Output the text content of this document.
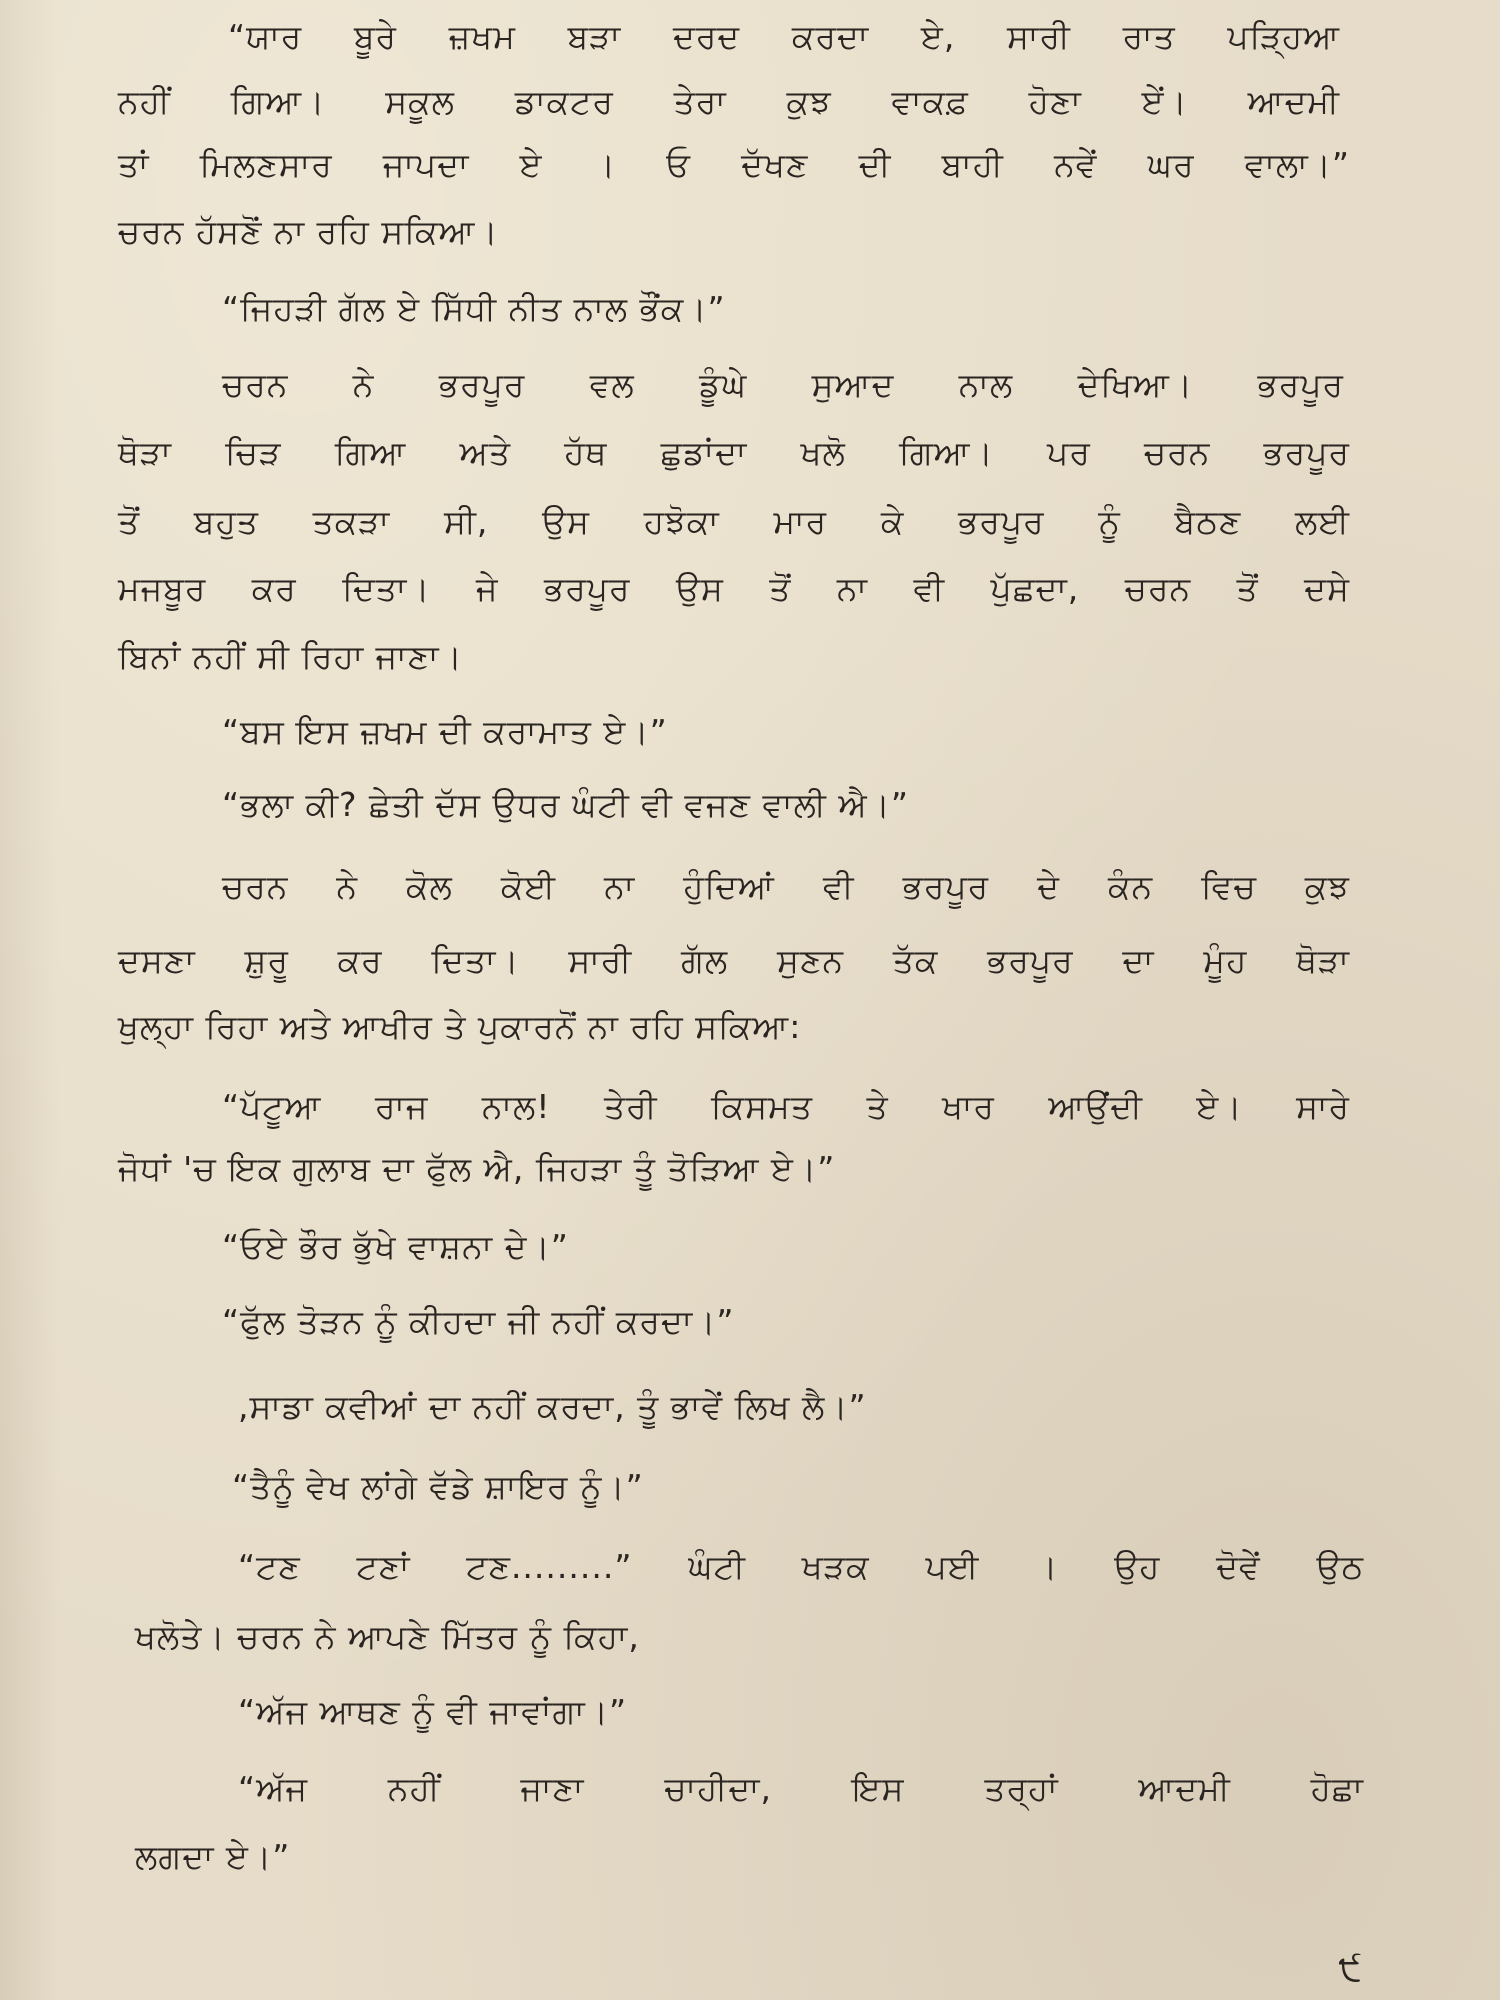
“ਯਾਰ ਬੂਰੇ ਜ਼ਖਮ ਬੜਾ ਦਰਦ ਕਰਦਾ ਏ, ਸਾਰੀ ਰਾਤ ਪੜ੍ਹਿਆ
ਨਹੀਂ ਗਿਆ। ਸਕੂਲ ਡਾਕਟਰ ਤੇਰਾ ਕੁਝ ਵਾਕਫ਼ ਹੋਣਾ ਏਂ। ਆਦਮੀ
ਤਾਂ ਮਿਲਣਸਾਰ ਜਾਪਦਾ ਏ । ਓ ਦੱਖਣ ਦੀ ਬਾਹੀ ਨਵੇਂ ਘਰ ਵਾਲਾ।”
ਚਰਨ ਹੱਸਣੋਂ ਨਾ ਰਹਿ ਸਕਿਆ।
“ਜਿਹੜੀ ਗੱਲ ਏ ਸਿੱਧੀ ਨੀਤ ਨਾਲ ਭੌਂਕ।”
ਚਰਨ ਨੇ ਭਰਪੂਰ ਵਲ ਡੂੰਘੇ ਸੁਆਦ ਨਾਲ ਦੇਖਿਆ। ਭਰਪੂਰ
ਥੋੜਾ ਚਿੜ ਗਿਆ ਅਤੇ ਹੱਥ ਛੁਡਾਂਦਾ ਖਲੋ ਗਿਆ। ਪਰ ਚਰਨ ਭਰਪੂਰ
ਤੋਂ ਬਹੁਤ ਤਕੜਾ ਸੀ, ਉਸ ਹਝੋਕਾ ਮਾਰ ਕੇ ਭਰਪੂਰ ਨੂੰ ਬੈਠਣ ਲਈ
ਮਜਬੂਰ ਕਰ ਦਿਤਾ। ਜੇ ਭਰਪੂਰ ਉਸ ਤੋਂ ਨਾ ਵੀ ਪੁੱਛਦਾ, ਚਰਨ ਤੋਂ ਦਸੇ
ਬਿਨਾਂ ਨਹੀਂ ਸੀ ਰਿਹਾ ਜਾਣਾ।
“ਬਸ ਇਸ ਜ਼ਖਮ ਦੀ ਕਰਾਮਾਤ ਏ।”
“ਭਲਾ ਕੀ? ਛੇਤੀ ਦੱਸ ਉਧਰ ਘੰਟੀ ਵੀ ਵਜਣ ਵਾਲੀ ਐ।”
ਚਰਨ ਨੇ ਕੋਲ ਕੋਈ ਨਾ ਹੁੰਦਿਆਂ ਵੀ ਭਰਪੂਰ ਦੇ ਕੰਨ ਵਿਚ ਕੁਝ
ਦਸਣਾ ਸ਼ੁਰੂ ਕਰ ਦਿਤਾ। ਸਾਰੀ ਗੱਲ ਸੁਣਨ ਤੱਕ ਭਰਪੂਰ ਦਾ ਮੂੰਹ ਥੋੜਾ
ਖੁਲ੍ਹਾ ਰਿਹਾ ਅਤੇ ਆਖੀਰ ਤੇ ਪੁਕਾਰਨੋਂ ਨਾ ਰਹਿ ਸਕਿਆ:
“ਪੱਟੂਆ ਰਾਜ ਨਾਲ! ਤੇਰੀ ਕਿਸਮਤ ਤੇ ਖਾਰ ਆਉਂਦੀ ਏ। ਸਾਰੇ
ਜੋਧਾਂ 'ਚ ਇਕ ਗੁਲਾਬ ਦਾ ਫੁੱਲ ਐ, ਜਿਹੜਾ ਤੂੰ ਤੋੜਿਆ ਏ।”
“ਓਏ ਭੌਰ ਭੁੱਖੇ ਵਾਸ਼ਨਾ ਦੇ।”
“ਫੁੱਲ ਤੋੜਨ ਨੂੰ ਕੀਹਦਾ ਜੀ ਨਹੀਂ ਕਰਦਾ।”
,ਸਾਡਾ ਕਵੀਆਂ ਦਾ ਨਹੀਂ ਕਰਦਾ, ਤੂੰ ਭਾਵੇਂ ਲਿਖ ਲੈ।”
“ਤੈਨੂੰ ਵੇਖ ਲਾਂਗੇ ਵੱਡੇ ਸ਼ਾਇਰ ਨੂੰ।”
“ਟਣ ਟਣਾਂ ਟਣ.........” ਘੰਟੀ ਖੜਕ ਪਈ । ਉਹ ਦੋਵੇਂ ਉਠ
ਖਲੋਤੇ। ਚਰਨ ਨੇ ਆਪਣੇ ਮਿੱਤਰ ਨੂੰ ਕਿਹਾ,
“ਅੱਜ ਆਥਣ ਨੂੰ ਵੀ ਜਾਵਾਂਗਾ।”
“ਅੱਜ ਨਹੀਂ ਜਾਣਾ ਚਾਹੀਦਾ, ਇਸ ਤਰ੍ਹਾਂ ਆਦਮੀ ਹੋਛਾ
ਲਗਦਾ ਏ।”
੯
